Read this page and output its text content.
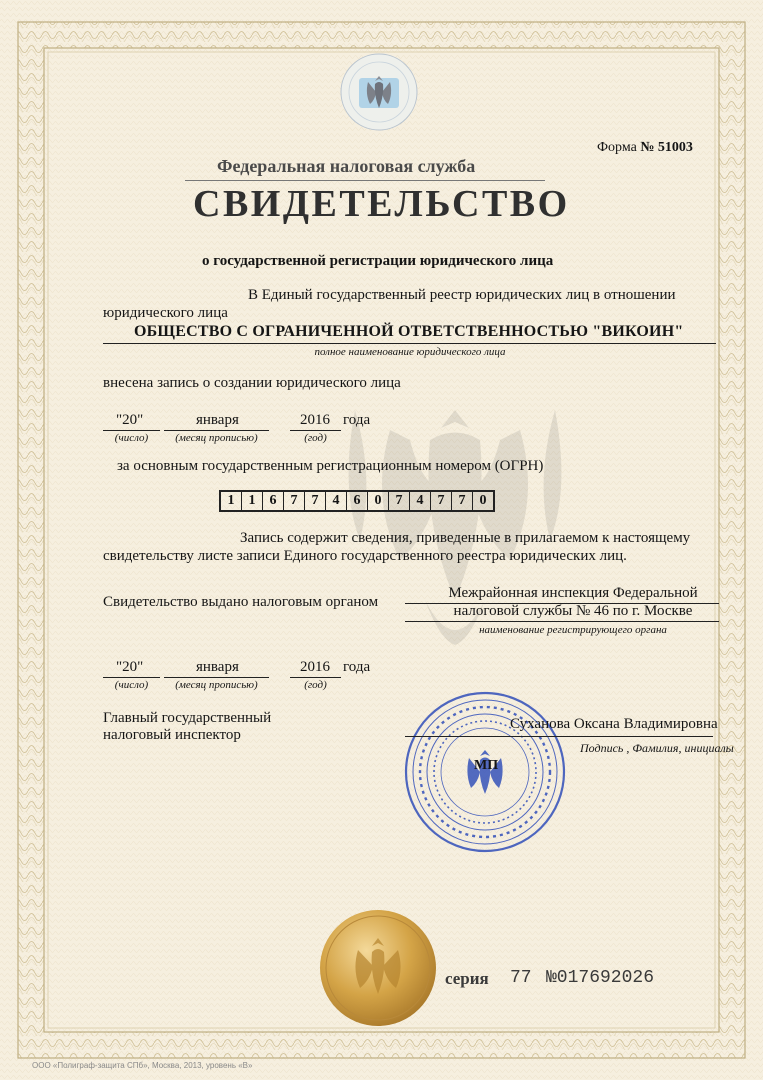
Форма № 51003
Федеральная налоговая служба
СВИДЕТЕЛЬСТВО
о государственной регистрации юридического лица
В Единый государственный реестр юридических лиц в отношении
юридического лица
ОБЩЕСТВО С ОГРАНИЧЕННОЙ ОТВЕТСТВЕННОСТЬЮ "ВИКОИН"
полное наименование юридического лица
внесена запись о создании юридического лица
"20"
(число)
января
(месяц прописью)
2016 года
(год)
за основным государственным регистрационным номером (ОГРН)
1	1	6	7	7	4	6	0	7	4	7	7	0
Запись содержит сведения, приведенные в прилагаемом к настоящему
свидетельству листе записи Единого государственного реестра юридических лиц.
Свидетельство выдано налоговым органом
Межрайонная инспекция Федеральной
налоговой службы № 46 по г. Москве
наименование регистрирующего органа
"20"
(число)
января
(месяц прописью)
2016 года
(год)
Главный государственный
налоговый инспектор
МП
Суханова Оксана Владимировна
Подпись , Фамилия, инициалы
серия 77 №017692026
ООО «Полиграф-защита СПб», Москва, 2013, уровень «В»
